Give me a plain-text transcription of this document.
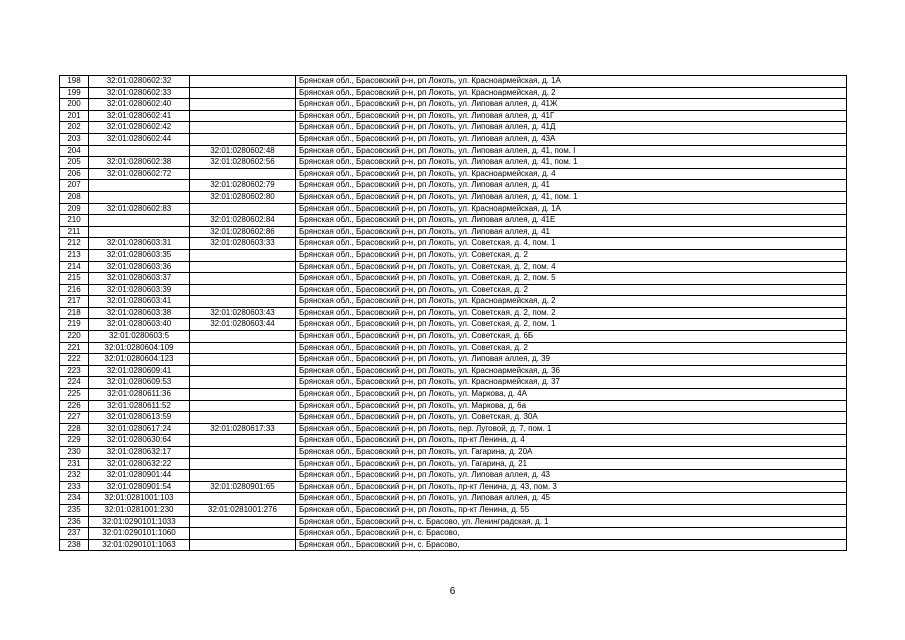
198	32:01:0280602:32		Брянская обл., Брасовский р-н, рп Локоть, ул. Красноармейская, д. 1А
199	32:01:0280602:33		Брянская обл., Брасовский р-н, рп Локоть, ул. Красноармейская, д. 2
200	32:01:0280602:40		Брянская обл., Брасовский р-н, рп Локоть, ул. Липовая аллея, д. 41Ж
201	32:01:0280602:41		Брянская обл., Брасовский р-н, рп Локоть, ул. Липовая аллея, д. 41Г
202	32:01:0280602:42		Брянская обл., Брасовский р-н, рп Локоть, ул. Липовая аллея, д. 41Д
203	32:01:0280602:44		Брянская обл., Брасовский р-н, рп Локоть, ул. Липовая аллея, д. 43А
204		32:01:0280602:48	Брянская обл., Брасовский р-н, рп Локоть, ул. Липовая аллея, д. 41, пом. I
205	32:01:0280602:38	32:01:0280602:56	Брянская обл., Брасовский р-н, рп Локоть, ул. Липовая аллея, д. 41, пом. 1
206	32:01:0280602:72		Брянская обл., Брасовский р-н, рп Локоть, ул. Красноармейская, д. 4
207		32:01:0280602:79	Брянская обл., Брасовский р-н, рп Локоть, ул. Липовая аллея, д. 41
208		32:01:0280602:80	Брянская обл., Брасовский р-н, рп Локоть, ул. Липовая аллея, д. 41, пом. 1
209	32:01:0280602:83		Брянская обл., Брасовский р-н, рп Локоть, ул. Красноармейская, д. 1А
210		32:01:0280602:84	Брянская обл., Брасовский р-н, рп Локоть, ул. Липовая аллея, д. 41Е
211		32:01:0280602:86	Брянская обл., Брасовский р-н, рп Локоть, ул. Липовая аллея, д. 41
212	32:01:0280603:31	32:01:0280603:33	Брянская обл., Брасовский р-н, рп Локоть, ул. Советская, д. 4, пом. 1
213	32:01:0280603:35		Брянская обл., Брасовский р-н, рп Локоть, ул. Советская, д. 2
214	32:01:0280603:36		Брянская обл., Брасовский р-н, рп Локоть, ул. Советская, д. 2, пом. 4
215	32:01:0280603:37		Брянская обл., Брасовский р-н, рп Локоть, ул. Советская, д. 2, пом. 5
216	32:01:0280603:39		Брянская обл., Брасовский р-н, рп Локоть, ул. Советская, д. 2
217	32:01:0280603:41		Брянская обл., Брасовский р-н, рп Локоть, ул. Красноармейская, д. 2
218	32:01:0280603:38	32:01:0280603:43	Брянская обл., Брасовский р-н, рп Локоть, ул. Советская, д. 2, пом. 2
219	32:01:0280603:40	32:01:0280603:44	Брянская обл., Брасовский р-н, рп Локоть, ул. Советская, д. 2, пом. 1
220	32:01:0280603:5		Брянская обл., Брасовский р-н, рп Локоть, ул. Советская, д. 6Б
221	32:01:0280604:109		Брянская обл., Брасовский р-н, рп Локоть, ул. Советская, д. 2
222	32:01:0280604:123		Брянская обл., Брасовский р-н, рп Локоть, ул. Липовая аллея, д. 39
223	32:01:0280609:41		Брянская обл., Брасовский р-н, рп Локоть, ул. Красноармейская, д. 36
224	32:01:0280609:53		Брянская обл., Брасовский р-н, рп Локоть, ул. Красноармейская, д. 37
225	32:01:0280611:36		Брянская обл., Брасовский р-н, рп Локоть, ул. Маркова, д. 4А
226	32:01:0280611:52		Брянская обл., Брасовский р-н, рп Локоть, ул. Маркова, д. 6а
227	32:01:0280613:59		Брянская обл., Брасовский р-н, рп Локоть, ул. Советская, д. 30А
228	32:01:0280617:24	32:01:0280617:33	Брянская обл., Брасовский р-н, рп Локоть, пер. Луговой, д. 7, пом. 1
229	32:01:0280630:64		Брянская обл., Брасовский р-н, рп Локоть, пр-кт Ленина, д. 4
230	32:01:0280632:17		Брянская обл., Брасовский р-н, рп Локоть, ул. Гагарина, д. 20А
231	32:01:0280632:22		Брянская обл., Брасовский р-н, рп Локоть, ул. Гагарина, д. 21
232	32:01:0280901:44		Брянская обл., Брасовский р-н, рп Локоть, ул. Липовая аллея, д. 43
233	32:01:0280901:54	32:01:0280901:65	Брянская обл., Брасовский р-н, рп Локоть, пр-кт Ленина, д. 43, пом. 3
234	32:01:0281001:103		Брянская обл., Брасовский р-н, рп Локоть, ул. Липовая аллея, д. 45
235	32:01:0281001:230	32:01:0281001:276	Брянская обл., Брасовский р-н, рп Локоть, пр-кт Ленина, д. 55
236	32:01:0290101:1033		Брянская обл., Брасовский р-н, с. Брасово, ул. Ленинградская, д. 1
237	32:01:0290101:1060		Брянская обл., Брасовский р-н, с. Брасово,
238	32:01:0290101:1063		Брянская обл., Брасовский р-н, с. Брасово,
6
